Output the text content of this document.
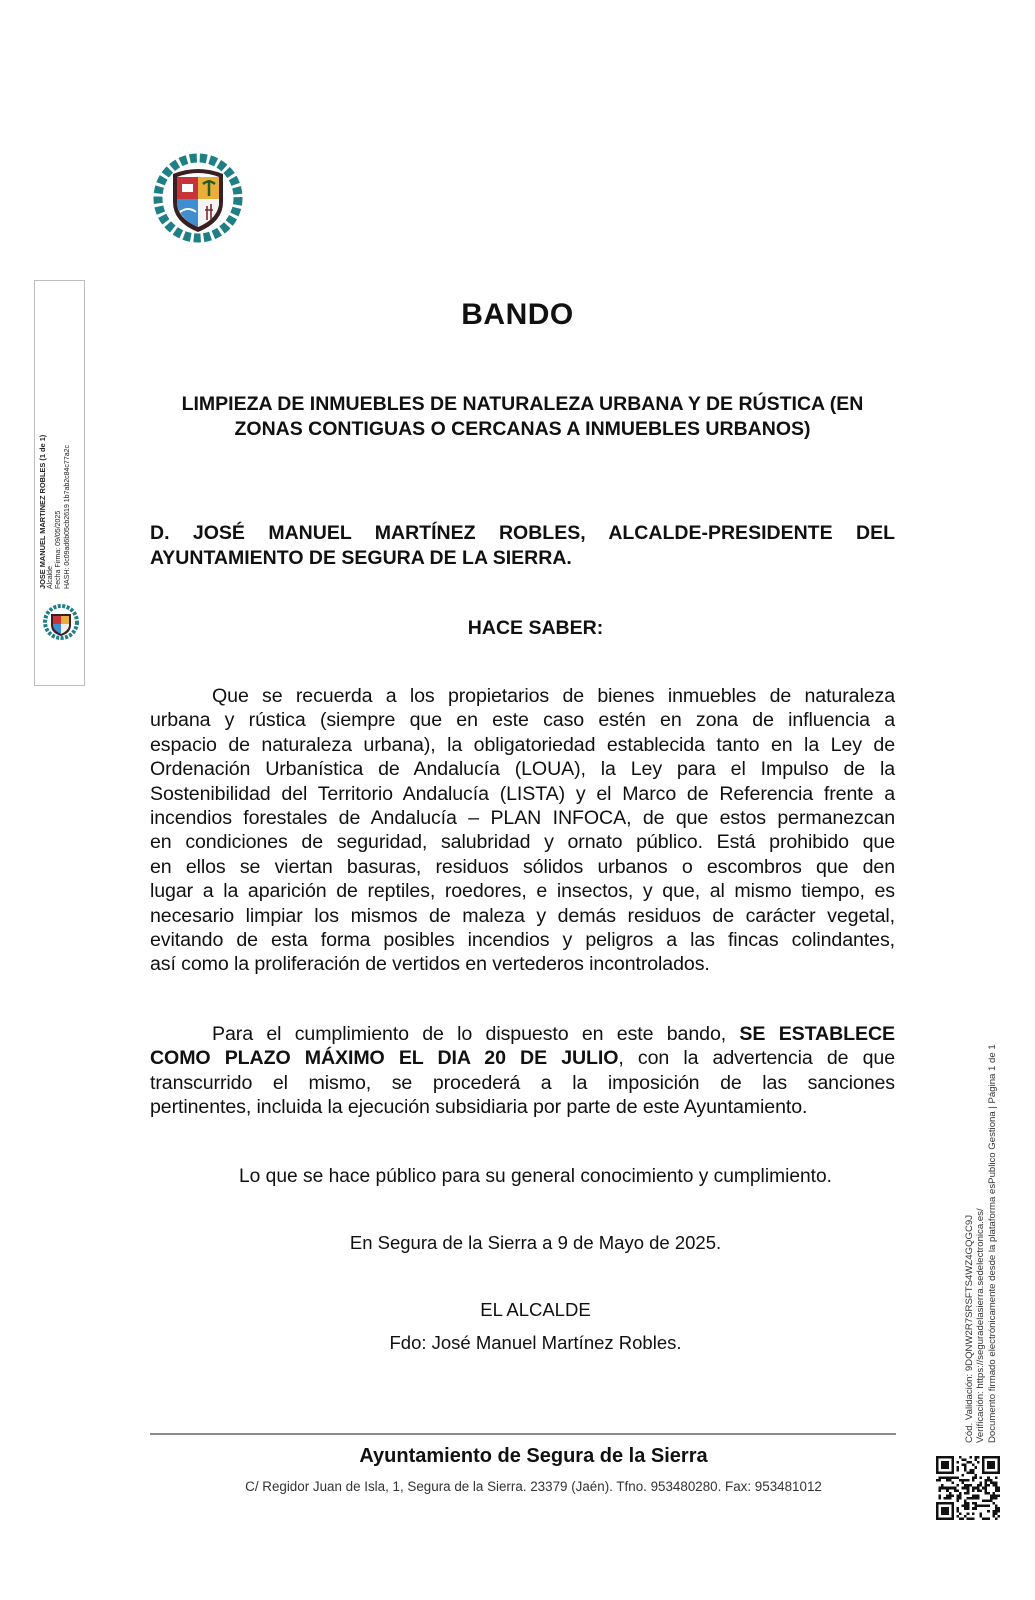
JOSE MANUEL MARTINEZ ROBLES (1 de 1) Alcalde Fecha Firma: 09/05/2025 HASH: 0c09ad6b05cb2619 1b7ab2c84c77a2c
BANDO
LIMPIEZA DE INMUEBLES DE NATURALEZA URBANA Y DE RÚSTICA (EN
ZONAS CONTIGUAS O CERCANAS A INMUEBLES URBANOS)
D. JOSÉ MANUEL MARTÍNEZ ROBLES, ALCALDE-PRESIDENTE DEL
AYUNTAMIENTO DE SEGURA DE LA SIERRA.
HACE SABER:
Que se recuerda a los propietarios de bienes inmuebles de naturaleza
urbana y rústica (siempre que en este caso estén en zona de influencia a
espacio de naturaleza urbana), la obligatoriedad establecida tanto en la Ley de
Ordenación Urbanística de Andalucía (LOUA), la Ley para el Impulso de la
Sostenibilidad del Territorio Andalucía (LISTA) y el Marco de Referencia frente a
incendios forestales de Andalucía – PLAN INFOCA, de que estos permanezcan
en condiciones de seguridad, salubridad y ornato público. Está prohibido que
en ellos se viertan basuras, residuos sólidos urbanos o escombros que den
lugar a la aparición de reptiles, roedores, e insectos, y que, al mismo tiempo, es
necesario limpiar los mismos de maleza y demás residuos de carácter vegetal,
evitando de esta forma posibles incendios y peligros a las fincas colindantes,
así como la proliferación de vertidos en vertederos incontrolados.
Para el cumplimiento de lo dispuesto en este bando, SE ESTABLECE
COMO PLAZO MÁXIMO EL DIA 20 DE JULIO, con la advertencia de que
transcurrido el mismo, se procederá a la imposición de las sanciones
pertinentes, incluida la ejecución subsidiaria por parte de este Ayuntamiento.
Lo que se hace público para su general conocimiento y cumplimiento.
En Segura de la Sierra a 9 de Mayo de 2025.
EL ALCALDE
Fdo: José Manuel Martínez Robles.
Ayuntamiento de Segura de la Sierra
C/ Regidor Juan de Isla, 1, Segura de la Sierra. 23379 (Jaén). Tfno. 953480280. Fax: 953481012
Cód. Validación: 9DQNW2R7SRSFTS4WZ4GQGC9J Verificación: https://seguradelasierra.sedelectronica.es/ Documento firmado electrónicamente desde la plataforma esPublico Gestiona | Página 1 de 1
